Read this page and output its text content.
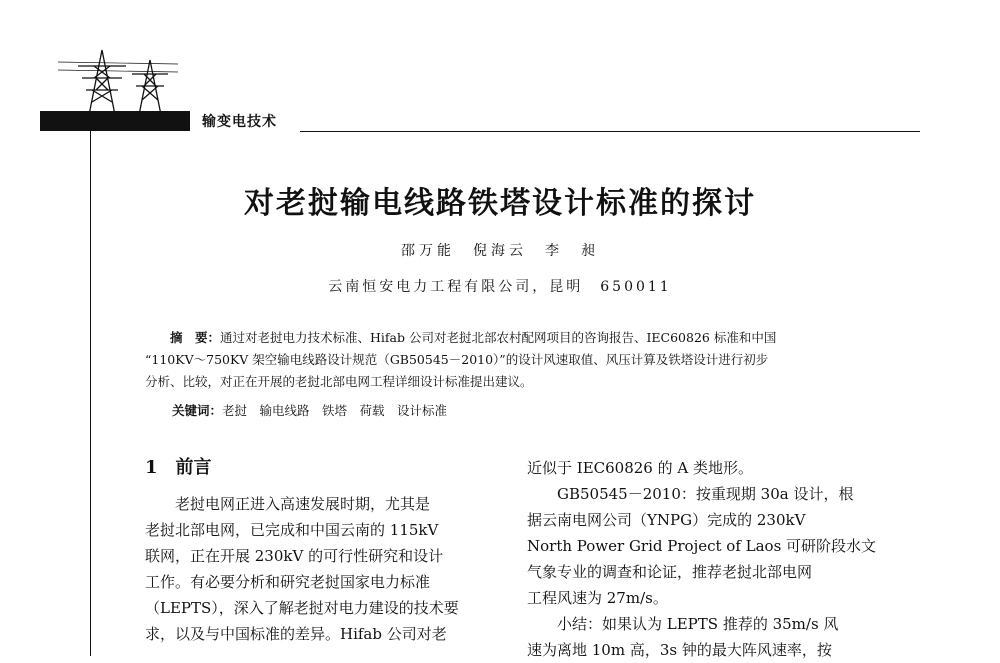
输变电技术
对老挝输电线路铁塔设计标准的探讨
邵万能　倪海云　李　昶
云南恒安电力工程有限公司，昆明　650011

摘　要：通过对老挝电力技术标准、Hifab 公司对老挝北部农村配网项目的咨询报告、IEC60826 标准和中国

“110KV～750KV 架空输电线路设计规范（GB50545－2010）”的设计风速取值、风压计算及铁塔设计进行初步

分析、比较，对正在开展的老挝北部电网工程详细设计标准提出建议。

关键词：老挝　输电线路　铁塔　荷载　设计标准

1　前言

老挝电网正进入高速发展时期，尤其是

老挝北部电网，已完成和中国云南的 115kV

联网，正在开展 230kV 的可行性研究和设计

工作。有必要分析和研究老挝国家电力标准

（LEPTS），深入了解老挝对电力建设的技术要

求，以及与中国标准的差异。Hifab 公司对老

近似于 IEC60826 的 A 类地形。

GB50545－2010：按重现期 30a 设计，根

据云南电网公司（YNPG）完成的 230kV

North Power Grid Project of Laos 可研阶段水文

气象专业的调查和论证，推荐老挝北部电网

工程风速为 27m/s。

小结：如果认为 LEPTS 推荐的 35m/s 风

速为离地 10m 高，3s 钟的最大阵风速率，按
